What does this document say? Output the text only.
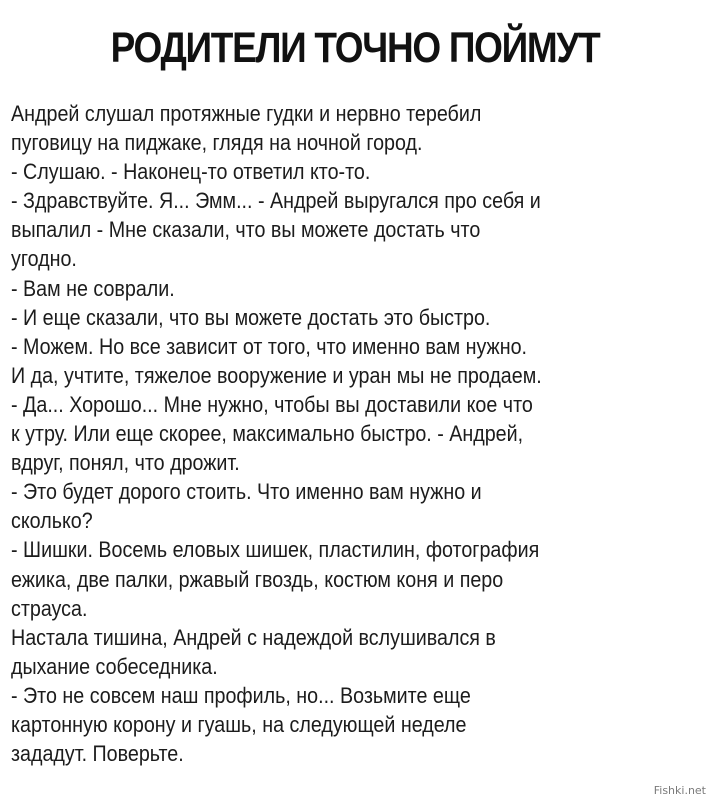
РОДИТЕЛИ ТОЧНО ПОЙМУТ
Андрей слушал протяжные гудки и нервно теребил
пуговицу на пиджаке, глядя на ночной город.
- Слушаю. - Наконец-то ответил кто-то.
- Здравствуйте. Я... Эмм... - Андрей выругался про себя и
выпалил - Мне сказали, что вы можете достать что
угодно.
- Вам не соврали.
- И еще сказали, что вы можете достать это быстро.
- Можем. Но все зависит от того, что именно вам нужно.
И да, учтите, тяжелое вооружение и уран мы не продаем.
- Да... Хорошо... Мне нужно, чтобы вы доставили кое что
к утру. Или еще скорее, максимально быстро. - Андрей,
вдруг, понял, что дрожит.
- Это будет дорого стоить. Что именно вам нужно и
сколько?
- Шишки. Восемь еловых шишек, пластилин, фотография
ежика, две палки, ржавый гвоздь, костюм коня и перо
страуса.
Настала тишина, Андрей с надеждой вслушивался в
дыхание собеседника.
- Это не совсем наш профиль, но... Возьмите еще
картонную корону и гуашь, на следующей неделе
зададут. Поверьте.
Fishki.net
